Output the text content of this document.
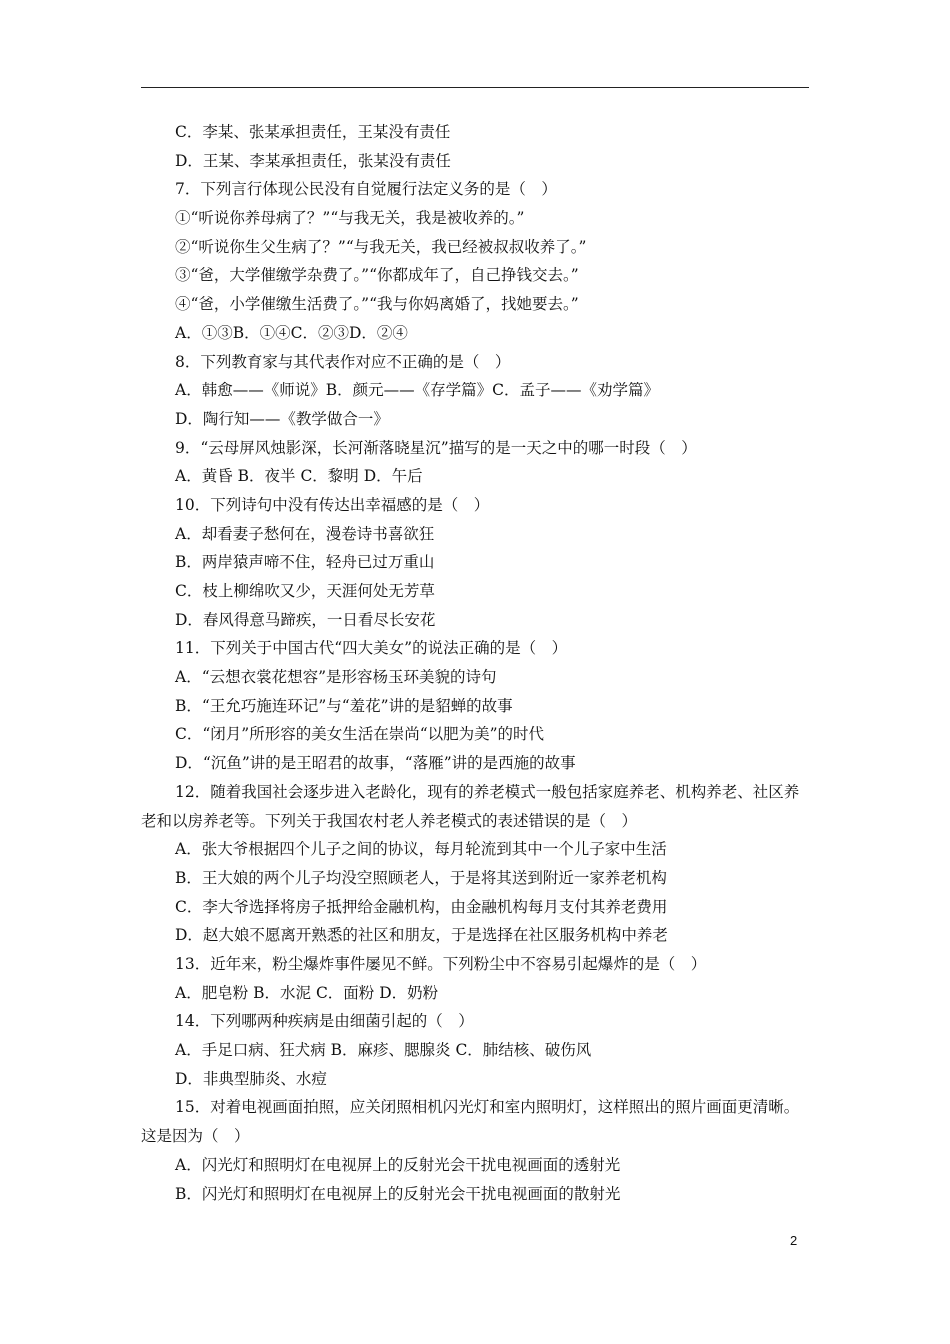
C．李某、张某承担责任，王某没有责任
D．王某、李某承担责任，张某没有责任
7．下列言行体现公民没有自觉履行法定义务的是（　）
①“听说你养母病了？”“与我无关，我是被收养的。”
②“听说你生父生病了？”“与我无关，我已经被叔叔收养了。”
③“爸，大学催缴学杂费了。”“你都成年了，自己挣钱交去。”
④“爸，小学催缴生活费了。”“我与你妈离婚了，找她要去。”
A．①③B．①④C．②③D．②④
8．下列教育家与其代表作对应不正确的是（　）
A．韩愈——《师说》B．颜元——《存学篇》C．孟子——《劝学篇》
D．陶行知——《教学做合一》
9．“云母屏风烛影深，长河渐落晓星沉”描写的是一天之中的哪一时段（　）
A．黄昏 B．夜半 C．黎明 D．午后
10．下列诗句中没有传达出幸福感的是（　）
A．却看妻子愁何在，漫卷诗书喜欲狂
B．两岸猿声啼不住，轻舟已过万重山
C．枝上柳绵吹又少，天涯何处无芳草
D．春风得意马蹄疾，一日看尽长安花
11．下列关于中国古代“四大美女”的说法正确的是（　）
A．“云想衣裳花想容”是形容杨玉环美貌的诗句
B．“王允巧施连环记”与“羞花”讲的是貂蝉的故事
C．“闭月”所形容的美女生活在崇尚“以肥为美”的时代
D．“沉鱼”讲的是王昭君的故事，“落雁”讲的是西施的故事
12．随着我国社会逐步进入老龄化，现有的养老模式一般包括家庭养老、机构养老、社区养老和以房养老等。下列关于我国农村老人养老模式的表述错误的是（　）
A．张大爷根据四个儿子之间的协议，每月轮流到其中一个儿子家中生活
B．王大娘的两个儿子均没空照顾老人，于是将其送到附近一家养老机构
C．李大爷选择将房子抵押给金融机构，由金融机构每月支付其养老费用
D．赵大娘不愿离开熟悉的社区和朋友，于是选择在社区服务机构中养老
13．近年来，粉尘爆炸事件屡见不鲜。下列粉尘中不容易引起爆炸的是（　）
A．肥皂粉 B．水泥 C．面粉 D．奶粉
14．下列哪两种疾病是由细菌引起的（　）
A．手足口病、狂犬病 B．麻疹、腮腺炎 C．肺结核、破伤风
D．非典型肺炎、水痘
15．对着电视画面拍照，应关闭照相机闪光灯和室内照明灯，这样照出的照片画面更清晰。这是因为（　）
A．闪光灯和照明灯在电视屏上的反射光会干扰电视画面的透射光
B．闪光灯和照明灯在电视屏上的反射光会干扰电视画面的散射光
2
